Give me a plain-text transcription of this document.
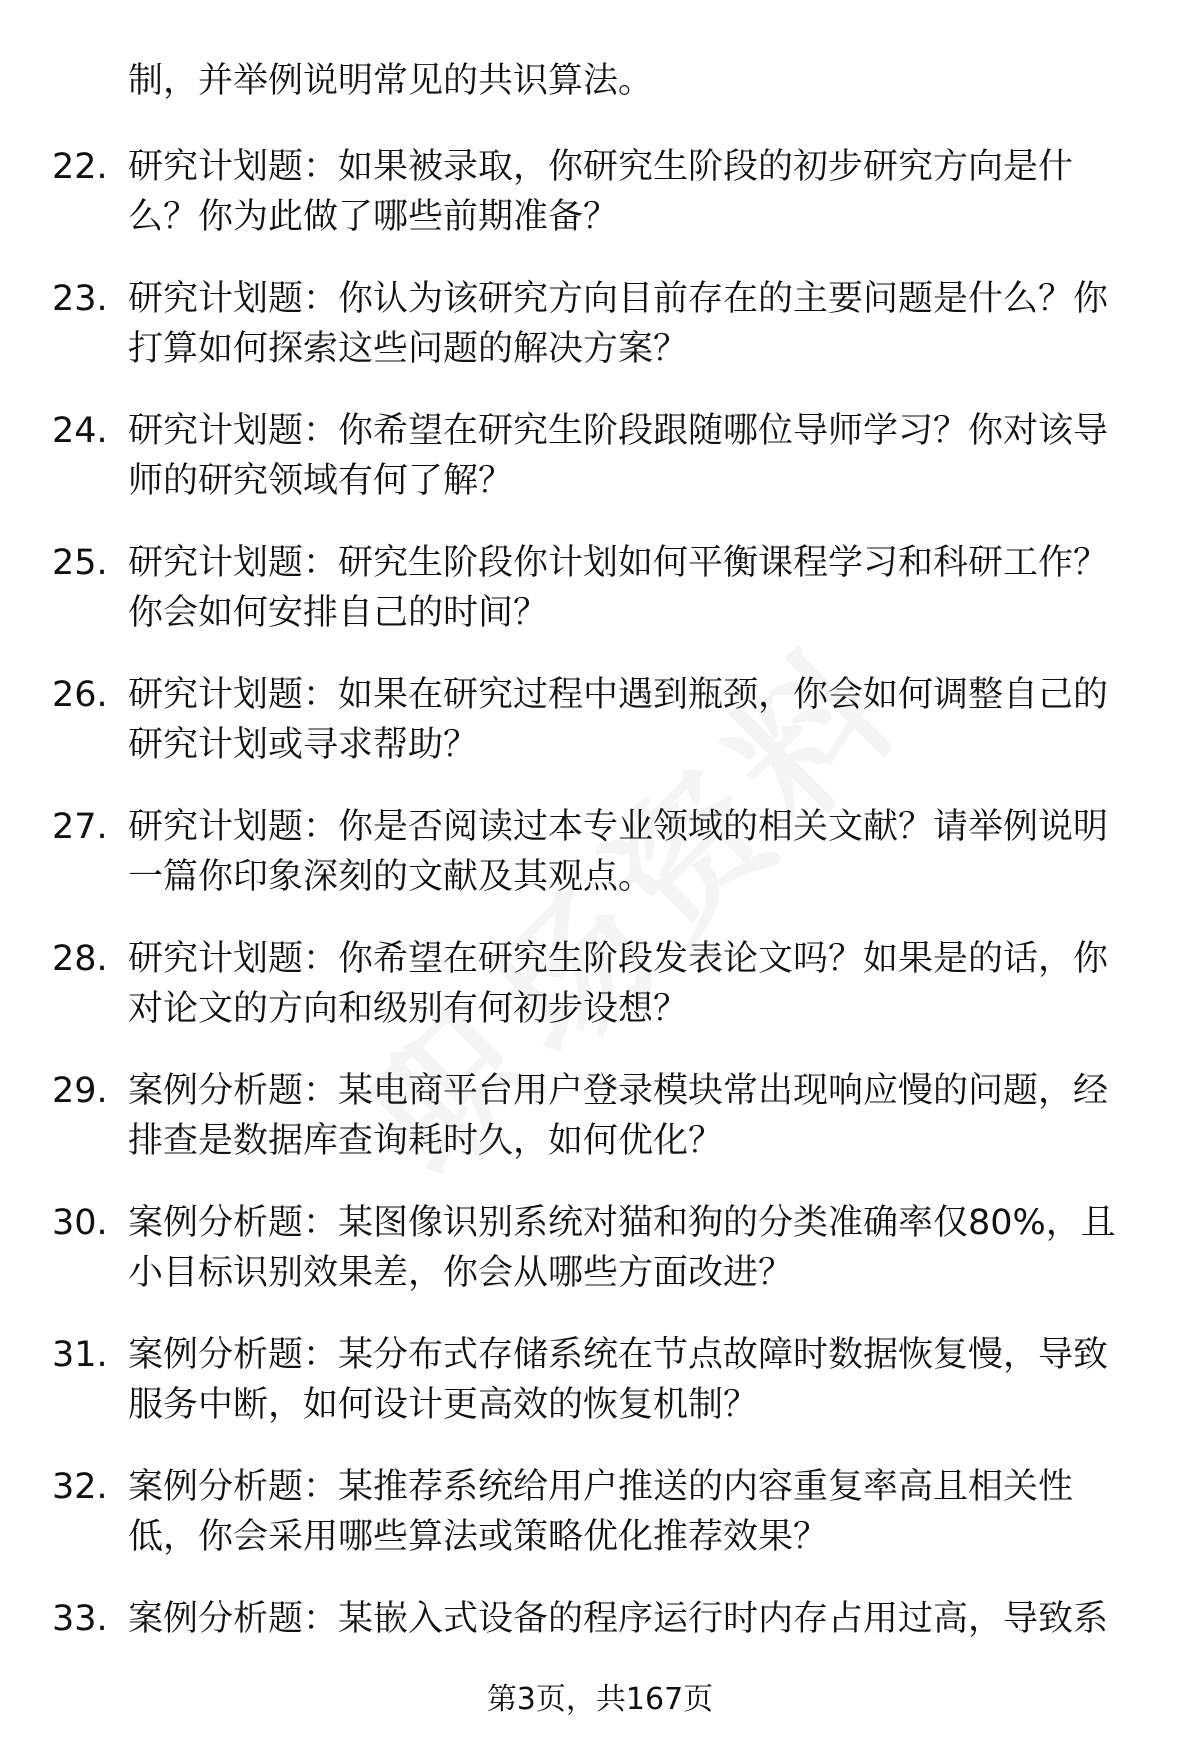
制，并举例说明常见的共识算法。
22. 研究计划题：如果被录取，你研究生阶段的初步研究方向是什么？你为此做了哪些前期准备？

23. 研究计划题：你认为该研究方向目前存在的主要问题是什么？你打算如何探索这些问题的解决方案？

24. 研究计划题：你希望在研究生阶段跟随哪位导师学习？你对该导师的研究领域有何了解？

25. 研究计划题：研究生阶段你计划如何平衡课程学习和科研工作？你会如何安排自己的时间？

26. 研究计划题：如果在研究过程中遇到瓶颈，你会如何调整自己的研究计划或寻求帮助？

27. 研究计划题：你是否阅读过本专业领域的相关文献？请举例说明一篇你印象深刻的文献及其观点。

28. 研究计划题：你希望在研究生阶段发表论文吗？如果是的话，你对论文的方向和级别有何初步设想？

29. 案例分析题：某电商平台用户登录模块常出现响应慢的问题，经排查是数据库查询耗时久，如何优化？

30. 案例分析题：某图像识别系统对猫和狗的分类准确率仅80%，且小目标识别效果差，你会从哪些方面改进？

31. 案例分析题：某分布式存储系统在节点故障时数据恢复慢，导致服务中断，如何设计更高效的恢复机制？

32. 案例分析题：某推荐系统给用户推送的内容重复率高且相关性低，你会采用哪些算法或策略优化推荐效果？

33. 案例分析题：某嵌入式设备的程序运行时内存占用过高，导致系

第3页，共167页
